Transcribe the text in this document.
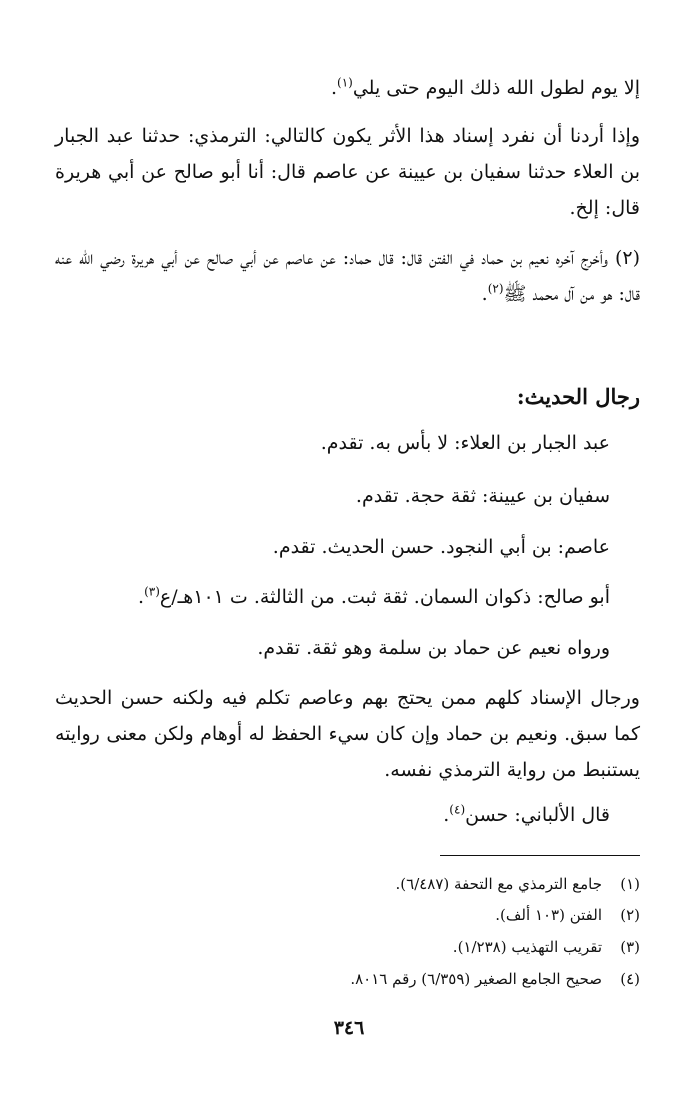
إلا يوم لطول الله ذلك اليوم حتى يلي$^{(١)}$.

وإذا أردنا أن نفرد إسناد هذا الأثر يكون كالتالي: الترمذي: حدثنا عبد الجبار بن العلاء حدثنا سفيان بن عيينة عن عاصم قال: أنا أبو صالح عن أبي هريرة قال: إلخ.

(٢) وأخرج آخره نعيم بن حماد في الفتن قال: قال حماد: عن عاصم عن أبي صالح عن أبي هريرة رضي الله عنه قال: هو من آل محمد ﷺ$^{(٢)}$.

رجال الحديث:

عبد الجبار بن العلاء: لا بأس به. تقدم.

سفيان بن عيينة: ثقة حجة. تقدم.

عاصم: بن أبي النجود. حسن الحديث. تقدم.

أبو صالح: ذكوان السمان. ثقة ثبت. من الثالثة. ت ١٠١هـ/ع$^{(٣)}$.

ورواه نعيم عن حماد بن سلمة وهو ثقة. تقدم.

ورجال الإسناد كلهم ممن يحتج بهم وعاصم تكلم فيه ولكنه حسن الحديث كما سبق. ونعيم بن حماد وإن كان سيء الحفظ له أوهام ولكن معنى روايته يستنبط من رواية الترمذي نفسه.

قال الألباني: حسن$^{(٤)}$.

(١)جامع الترمذي مع التحفة (٦/٤٨٧).

(٢)الفتن (١٠٣ ألف).

(٣)تقريب التهذيب (١/٢٣٨).

(٤)صحيح الجامع الصغير (٦/٣٥٩) رقم ٨٠١٦.

٣٤٦
